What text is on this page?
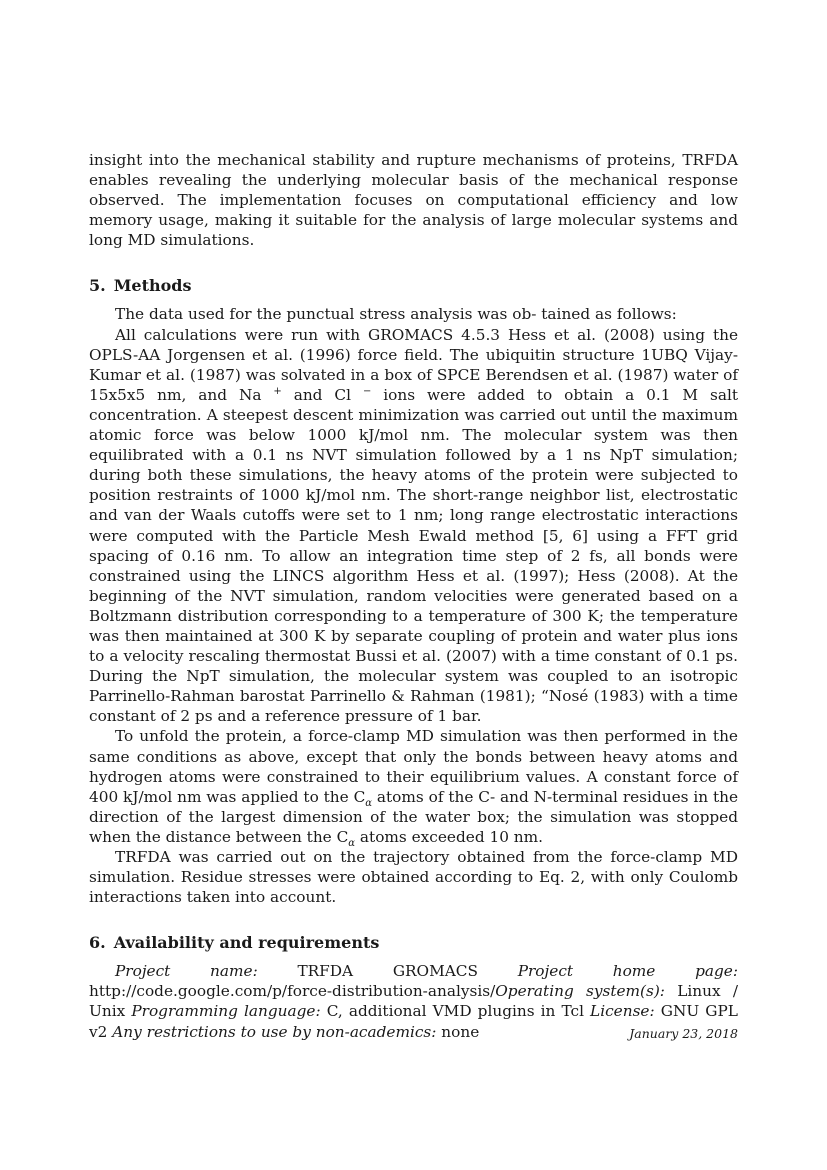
insight into the mechanical stability and rupture mechanisms of proteins, TRFDA enables revealing the underlying molecular basis of the mechanical response observed. The implementation focuses on computational efficiency and low memory usage, making it suitable for the analysis of large molecular systems and long MD simulations.

5. Methods

The data used for the punctual stress analysis was ob- tained as follows:

All calculations were run with GROMACS 4.5.3 Hess et al. (2008) using the OPLS-AA Jorgensen et al. (1996) force field. The ubiquitin structure 1UBQ Vijay-Kumar et al. (1987) was solvated in a box of SPCE Berendsen et al. (1987) water of 15x5x5 nm, and Na + and Cl − ions were added to obtain a 0.1 M salt concentration. A steepest descent minimization was carried out until the maximum atomic force was below 1000 kJ/mol nm. The molecular system was then equilibrated with a 0.1 ns NVT simulation followed by a 1 ns NpT simulation; during both these simulations, the heavy atoms of the protein were subjected to position restraints of 1000 kJ/mol nm. The short-range neighbor list, electrostatic and van der Waals cutoffs were set to 1 nm; long range electrostatic interactions were computed with the Particle Mesh Ewald method [5, 6] using a FFT grid spacing of 0.16 nm. To allow an integration time step of 2 fs, all bonds were constrained using the LINCS algorithm Hess et al. (1997); Hess (2008). At the beginning of the NVT simulation, random velocities were generated based on a Boltzmann distribution corresponding to a temperature of 300 K; the temperature was then maintained at 300 K by separate coupling of protein and water plus ions to a velocity rescaling thermostat Bussi et al. (2007) with a time constant of 0.1 ps. During the NpT simulation, the molecular system was coupled to an isotropic Parrinello-Rahman barostat Parrinello & Rahman (1981); “Nosé (1983) with a time constant of 2 ps and a reference pressure of 1 bar.

To unfold the protein, a force-clamp MD simulation was then performed in the same conditions as above, except that only the bonds between heavy atoms and hydrogen atoms were constrained to their equilibrium values. A constant force of 400 kJ/mol nm was applied to the $C_\alpha$ atoms of the C- and N-terminal residues in the direction of the largest dimension of the water box; the simulation was stopped when the distance between the $C_\alpha$ atoms exceeded 10 nm.

TRFDA was carried out on the trajectory obtained from the force-clamp MD simulation. Residue stresses were obtained according to Eq. 2, with only Coulomb interactions taken into account.

6. Availability and requirements

Project name: TRFDA GROMACS Project home page: http://code.google.com/p/force-distribution-analysis/Operating system(s): Linux / Unix Programming language: C, additional VMD plugins in Tcl License: GNU GPL v2 Any restrictions to use by non-academics: none	January 23, 2018
